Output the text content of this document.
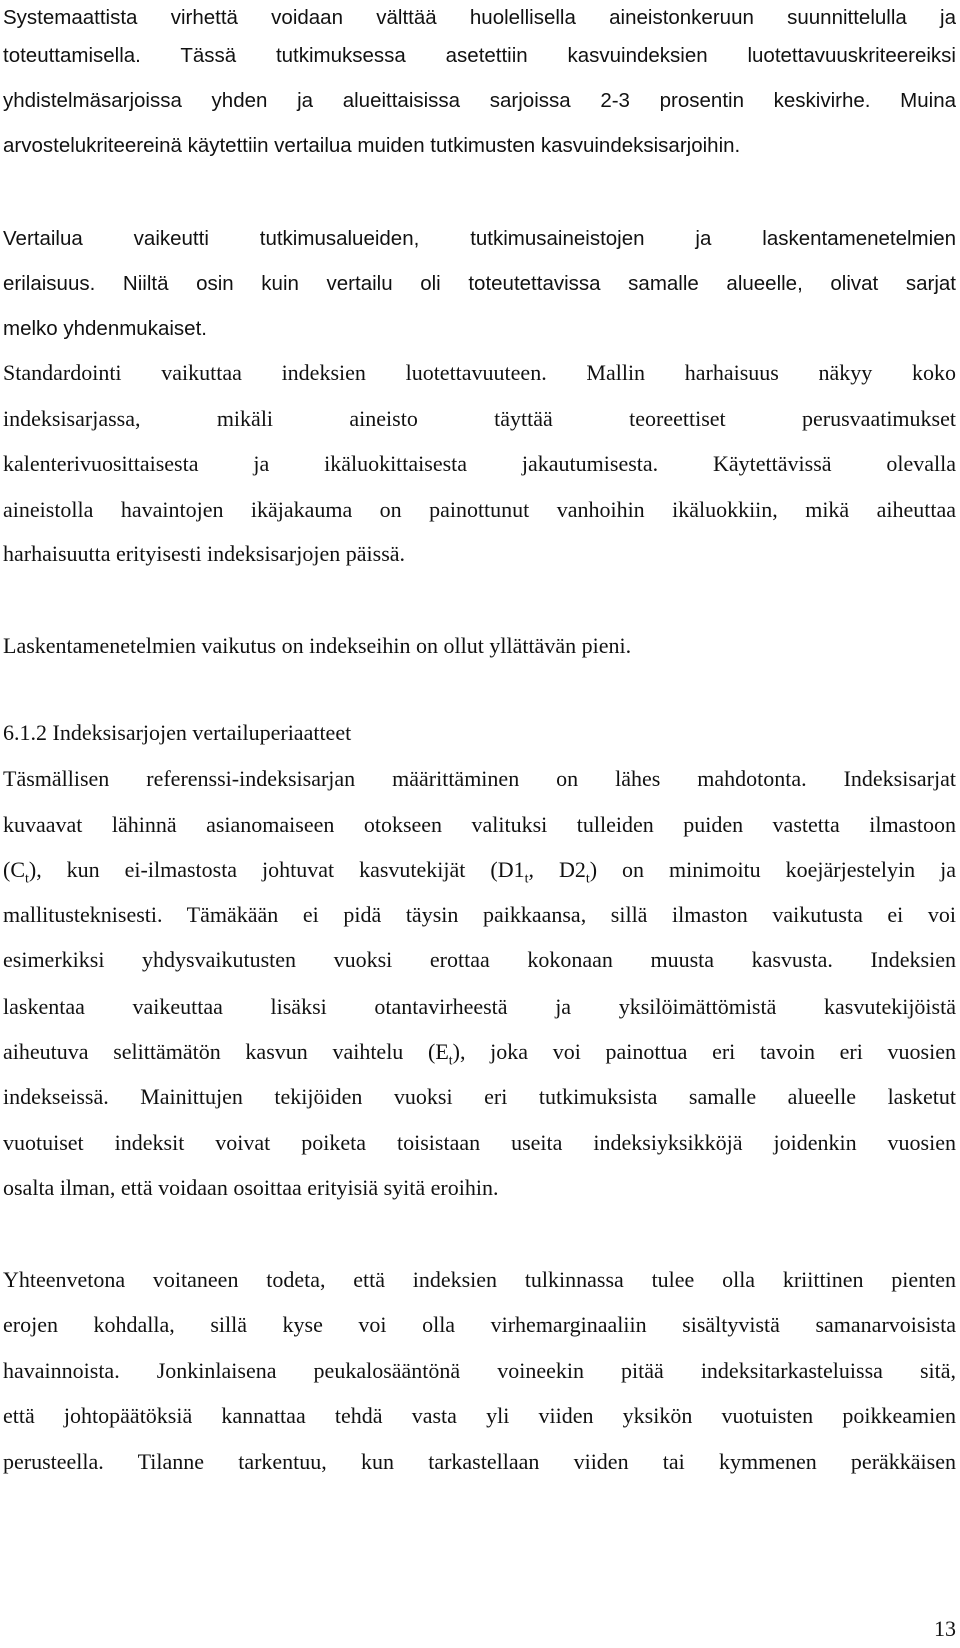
Systemaattista virhettä voidaan välttää huolellisella aineistonkeruun suunnittelulla ja
toteuttamisella. Tässä tutkimuksessa asetettiin kasvuindeksien luotettavuuskriteereiksi
yhdistelmäsarjoissa yhden ja alueittaisissa sarjoissa 2-3 prosentin keskivirhe. Muina
arvostelukriteereinä käytettiin vertailua muiden tutkimusten kasvuindeksisarjoihin.
Vertailua vaikeutti tutkimusalueiden, tutkimusaineistojen ja laskentamenetelmien
erilaisuus. Niiltä osin kuin vertailu oli toteutettavissa samalle alueelle, olivat sarjat
melko yhdenmukaiset.
Standardointi vaikuttaa indeksien luotettavuuteen. Mallin harhaisuus näkyy koko
indeksisarjassa, mikäli aineisto täyttää teoreettiset perusvaatimukset
kalenterivuosittaisesta ja ikäluokittaisesta jakautumisesta. Käytettävissä olevalla
aineistolla havaintojen ikäjakauma on painottunut vanhoihin ikäluokkiin, mikä aiheuttaa
harhaisuutta erityisesti indeksisarjojen päissä.
Laskentamenetelmien vaikutus on indekseihin on ollut yllättävän pieni.
6.1.2 Indeksisarjojen vertailuperiaatteet
Täsmällisen referenssi-indeksisarjan määrittäminen on lähes mahdotonta. Indeksisarjat
kuvaavat lähinnä asianomaiseen otokseen valituksi tulleiden puiden vastetta ilmastoon
$(C_t)$, kun ei-ilmastosta johtuvat kasvutekijät ($D1_t$, $D2_t$) on minimoitu koejärjestelyin ja
mallitusteknisesti. Tämäkään ei pidä täysin paikkaansa, sillä ilmaston vaikutusta ei voi
esimerkiksi yhdysvaikutusten vuoksi erottaa kokonaan muusta kasvusta. Indeksien
laskentaa vaikeuttaa lisäksi otantavirheestä ja yksilöimättömistä kasvutekijöistä
aiheutuva selittämätön kasvun vaihtelu $(E_t)$, joka voi painottua eri tavoin eri vuosien
indekseissä. Mainittujen tekijöiden vuoksi eri tutkimuksista samalle alueelle lasketut
vuotuiset indeksit voivat poiketa toisistaan useita indeksiyksikköjä joidenkin vuosien
osalta ilman, että voidaan osoittaa erityisiä syitä eroihin.
Yhteenvetona voitaneen todeta, että indeksien tulkinnassa tulee olla kriittinen pienten
erojen kohdalla, sillä kyse voi olla virhemarginaaliin sisältyvistä samanarvoisista
havainnoista. Jonkinlaisena peukalosääntönä voineekin pitää indeksitarkasteluissa sitä,
että johtopäätöksiä kannattaa tehdä vasta yli viiden yksikön vuotuisten poikkeamien
perusteella. Tilanne tarkentuu, kun tarkastellaan viiden tai kymmenen peräkkäisen
13
